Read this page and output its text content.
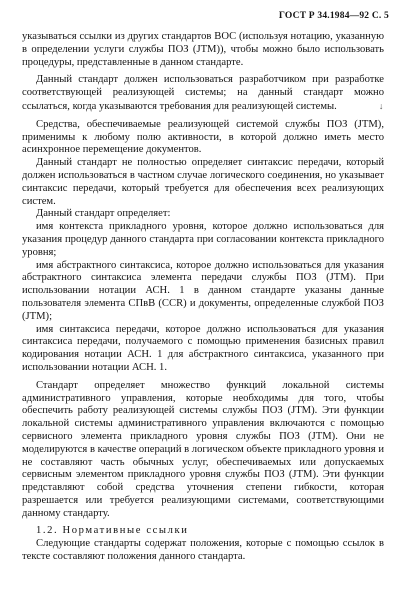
ГОСТ Р 34.1984—92 С. 5

указываться ссылки из других стандартов ВОС (используя нотацию, указанную в определении услуги службы ПОЗ (JTM)), чтобы можно было использовать процедуры, представленные в данном стандарте.

Данный стандарт должен использоваться разработчиком при разработке соответствующей реализующей системы; на данный стандарт можно ссылаться, когда указываются требования для реализующей системы.	↓

Средства, обеспечиваемые реализующей системой службы ПОЗ (JTM), применимы к любому полю активности, в которой должно иметь место асинхронное перемещение документов.

Данный стандарт не полностью определяет синтаксис передачи, который должен использоваться в частном случае логического соединения, но указывает синтаксис передачи, который требуется для обеспечения всех реализующих систем.

Данный стандарт определяет:

имя контекста прикладного уровня, которое должно использоваться для указания процедур данного стандарта при согласовании контекста прикладного уровня;

имя абстрактного синтаксиса, которое должно использоваться для указания абстрактного синтаксиса элемента передачи службы ПОЗ (JTM). При использовании нотации АСН. 1 в данном стандарте указаны данные пользователя элемента СПвВ (CCR) и документы, определенные службой ПОЗ (JTM);

имя синтаксиса передачи, которое должно использоваться для указания синтаксиса передачи, получаемого с помощью применения базисных правил кодирования нотации АСН. 1 для абстрактного синтаксиса, указанного при использовании нотации АСН. 1.

Стандарт определяет множество функций локальной системы административного управления, которые необходимы для того, чтобы обеспечить работу реализующей системы службы ПОЗ (JTM). Эти функции локальной системы административного управления включаются с помощью сервисного элемента прикладного уровня службы ПОЗ (JTM). Они не моделируются в качестве операций в логическом объекте прикладного уровня и не составляют часть обычных услуг, обеспечиваемых или допускаемых сервисным элементом прикладного уровня службы ПОЗ (JTM). Эти функции представляют собой средства уточнения степени гибкости, которая разрешается или требуется реализующими системами, соответствующими данному стандарту.

1.2. Нормативные ссылки

Следующие стандарты содержат положения, которые с помощью ссылок в тексте составляют положения данного стандарта.
